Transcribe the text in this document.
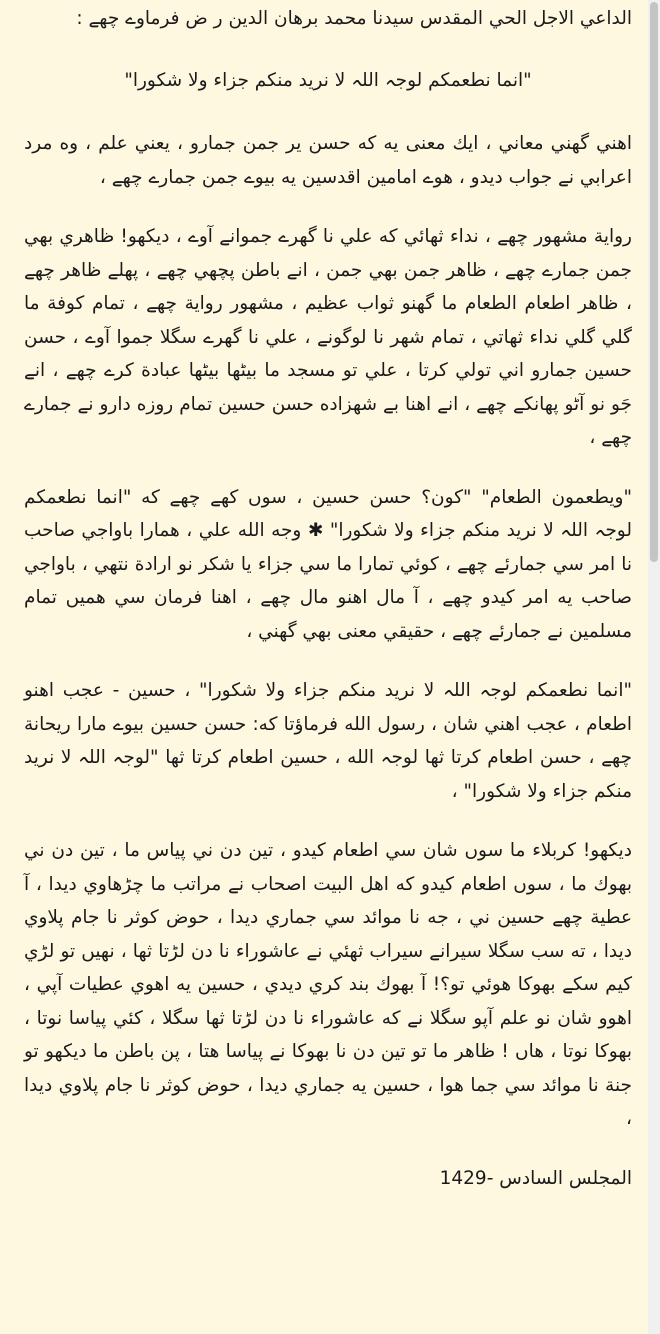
الداعي الاجل الحي المقدس سيدنا محمد برهان الدين ر ض فرماوے چھے :

"انما نطعمكم لوجہ اللہ لا نريد منكم جزاء ولا شكورا"

اهني گهني معاني ، ايك معنى يه كه حسن ير جمن جمارو ، يعني علم ، وه مرد اعرابي نے جواب ديدو ، هوے امامين اقدسين يه بيوے جمن جمارے چھے ،

رواية مشهور چھے ، نداء ثهائي كه علي نا گهرے جموانے آوے ، ديكهو! ظاهري بهي جمن جمارے چھے ، ظاهر جمن بهي جمن ، انے باطن پچهي چھے ، پهلے ظاهر چھے ، ظاهر اطعام الطعام ما گهنو ثواب عظيم ، مشهور رواية چھے ، تمام كوفة ما گلي گلي نداء ثهاتي ، تمام شهر نا لوگونے ، علي نا گهرے سگلا جموا آوے ، حسن حسين جمارو اني تولي كرتا ، علي تو مسجد ما بيٹها بيٹها عبادة كرے چھے ، انے جَو نو آٹو پهانكے چھے ، انے اهنا بے شهزاده حسن حسين تمام روزه دارو نے جمارے چھے ،

"ويطعمون الطعام" "كون؟ حسن حسين ، سوں كهے چھے كه "انما نطعمكم لوجہ اللہ لا نريد منكم جزاء ولا شكورا" ✱ وجه الله علي ، همارا باواجي صاحب نا امر سي جمارئے چھے ، كوئي تمارا ما سي جزاء يا شكر نو ارادة نتهي ، باواجي صاحب يه امر كيدو چھے ، آ مال اهنو مال چھے ، اهنا فرمان سي هميں تمام مسلمين نے جمارئے چھے ، حقيقي معنى بهي گهني ،

"انما نطعمكم لوجہ اللہ لا نريد منكم جزاء ولا شكورا" ، حسين - عجب اهنو اطعام ، عجب اهني شان ، رسول الله فرماؤتا كه: حسن حسين بيوے مارا ريحانة چھے ، حسن اطعام كرتا ثها لوجہ الله ، حسين اطعام كرتا ثها "لوجہ اللہ لا نريد منكم جزاء ولا شكورا" ،

ديكهو! كربلاء ما سوں شان سي اطعام كيدو ، تين دن ني پياس ما ، تين دن ني بهوك ما ، سوں اطعام كيدو كه اهل البيت اصحاب نے مراتب ما چڑهاوي ديدا ، آ عطية چھے حسين ني ، جه نا موائد سي جماري ديدا ، حوض كوثر نا جام پلاوي ديدا ، ته سب سگلا سيرانے سيراب ثهئي نے عاشوراء نا دن لڑتا ثها ، نهيں تو لڑي كيم سكے بهوكا هوئي تو؟! آ بهوك بند كري ديدي ، حسين يه اهوي عطيات آپي ، اهوو شان نو علم آپو سگلا نے كه عاشوراء نا دن لڑتا ثها سگلا ، كئي پياسا نوتا ، بهوكا نوتا ، هاں ! ظاهر ما تو تين دن نا بهوكا نے پياسا هتا ، پن باطن ما ديكهو تو جنة نا موائد سي جما هوا ، حسين يه جماري ديدا ، حوض كوثر نا جام پلاوي ديدا ،

المجلس السادس -1429
